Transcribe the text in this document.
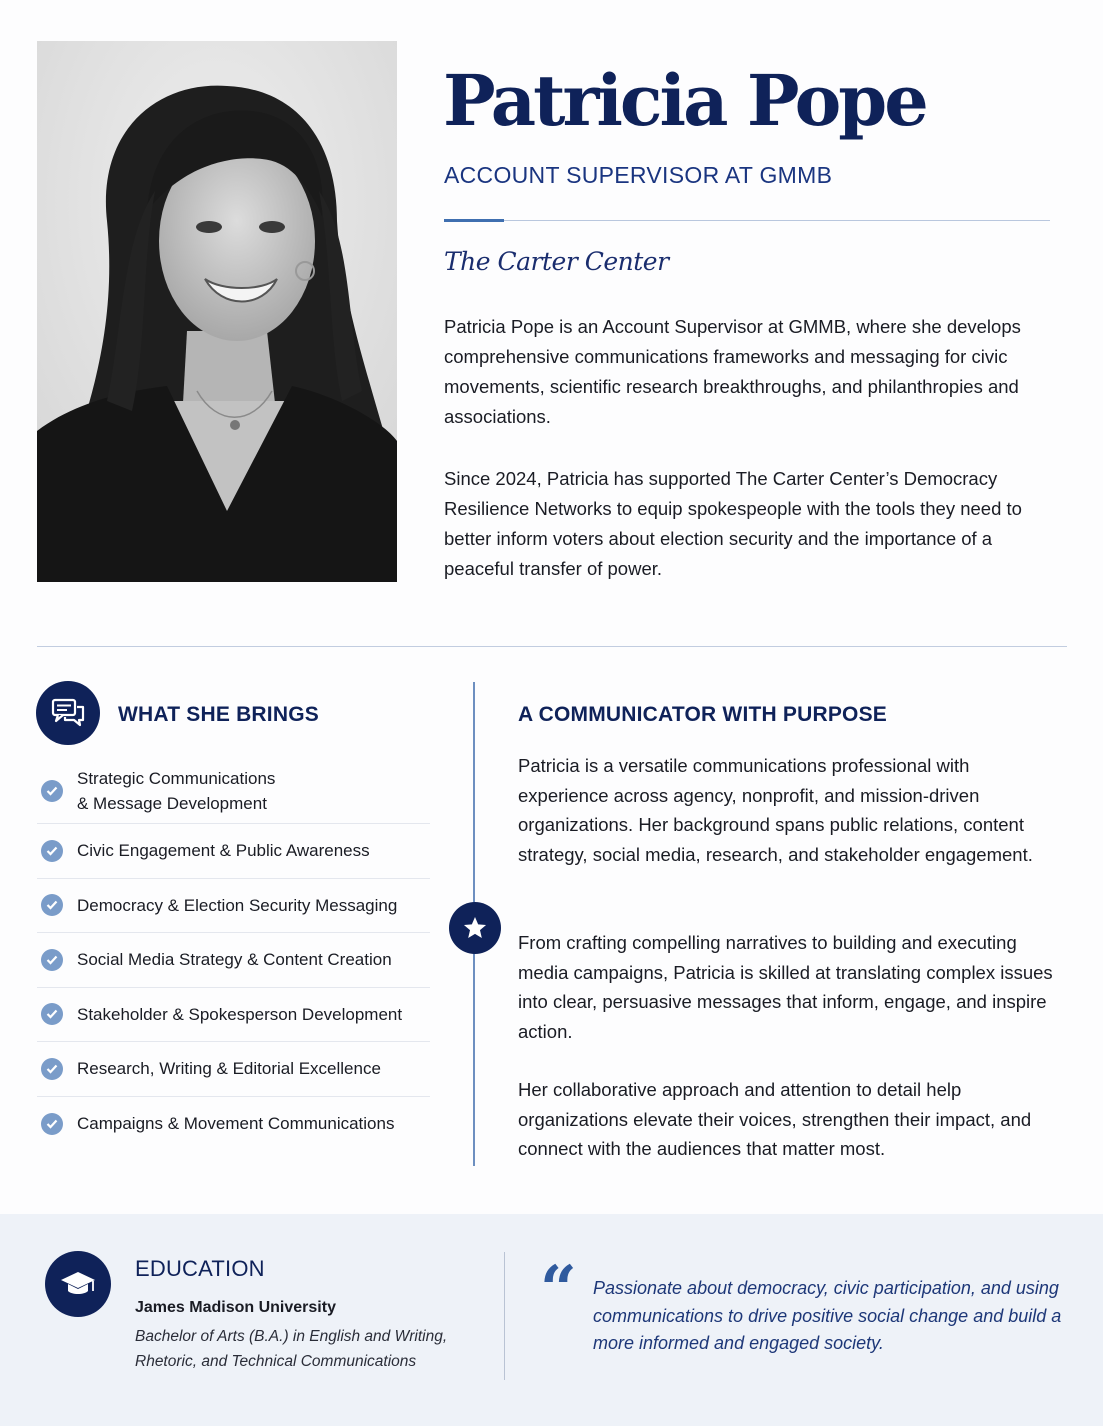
Patricia Pope
ACCOUNT SUPERVISOR AT GMMB
The Carter Center

Patricia Pope is an Account Supervisor at GMMB, where she develops comprehensive communications frameworks and messaging for civic movements, scientific research breakthroughs, and philanthropies and associations.

Since 2024, Patricia has supported The Carter Center’s Democracy Resilience Networks to equip spokespeople with the tools they need to better inform voters about election security and the importance of a peaceful transfer of power.

WHAT SHE BRINGS
Strategic Communications
& Message Development
Civic Engagement & Public Awareness
Democracy & Election Security Messaging
Social Media Strategy & Content Creation
Stakeholder & Spokesperson Development
Research, Writing & Editorial Excellence
Campaigns & Movement Communications
A COMMUNICATOR WITH PURPOSE

Patricia is a versatile communications professional with experience across agency, nonprofit, and mission-driven organizations. Her background spans public relations, content strategy, social media, research, and stakeholder engagement.

From crafting compelling narratives to building and executing media campaigns, Patricia is skilled at translating complex issues into clear, persuasive messages that inform, engage, and inspire action.

Her collaborative approach and attention to detail help organizations elevate their voices, strengthen their impact, and connect with the audiences that matter most.

EDUCATION
James Madison University
Bachelor of Arts (B.A.) in English and Writing, Rhetoric, and Technical Communications
“ Passionate about democracy, civic participation, and using communications to drive positive social change and build a more informed and engaged society.
